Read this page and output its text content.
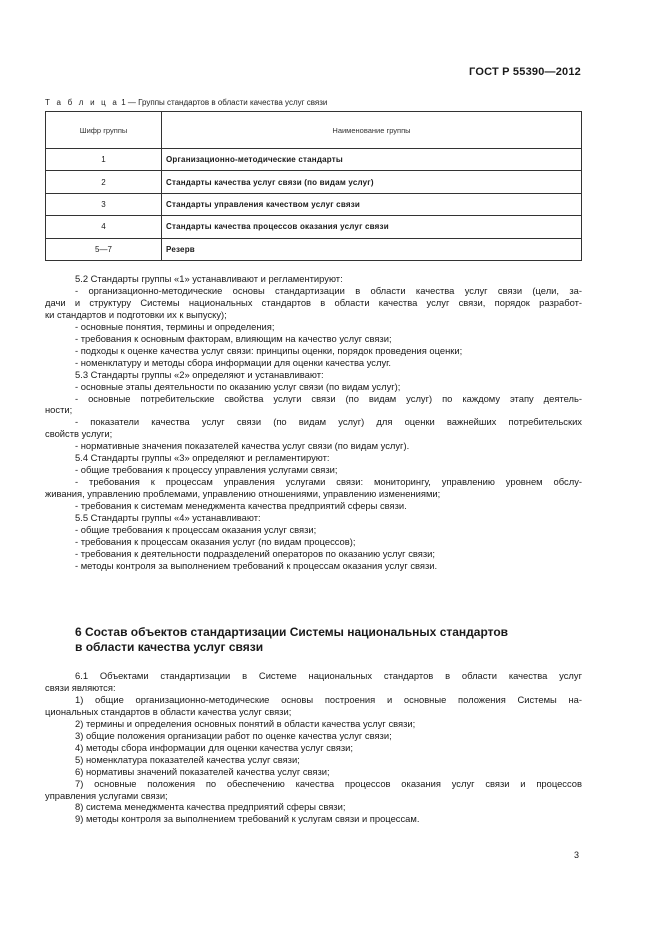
ГОСТ Р 55390—2012
Т а б л и ц а 1 — Группы стандартов в области качества услуг связи
Шифр группы	Наименование группы
1	Организационно-методические стандарты
2	Стандарты качества услуг связи (по видам услуг)
3	Стандарты управления качеством услуг связи
4	Стандарты качества процессов оказания услуг связи
5—7	Резерв
5.2 Стандарты группы «1» устанавливают и регламентируют:
- организационно-методические основы стандартизации в области качества услуг связи (цели, за-
дачи и структуру Системы национальных стандартов в области качества услуг связи, порядок разработ-
ки стандартов и подготовки их к выпуску);
- основные понятия, термины и определения;
- требования к основным факторам, влияющим на качество услуг связи;
- подходы к оценке качества услуг связи: принципы оценки, порядок проведения оценки;
- номенклатуру и методы сбора информации для оценки качества услуг.
5.3 Стандарты группы «2» определяют и устанавливают:
- основные этапы деятельности по оказанию услуг связи (по видам услуг);
- основные потребительские свойства услуги связи (по видам услуг) по каждому этапу деятель-
ности;
- показатели качества услуг связи (по видам услуг) для оценки важнейших потребительских
свойств услуги;
- нормативные значения показателей качества услуг связи (по видам услуг).
5.4 Стандарты группы «3» определяют и регламентируют:
- общие требования к процессу управления услугами связи;
- требования к процессам управления услугами связи: мониторингу, управлению уровнем обслу-
живания, управлению проблемами, управлению отношениями, управлению изменениями;
- требования к системам менеджмента качества предприятий сферы связи.
5.5 Стандарты группы «4» устанавливают:
- общие требования к процессам оказания услуг связи;
- требования к процессам оказания услуг (по видам процессов);
- требования к деятельности подразделений операторов по оказанию услуг связи;
- методы контроля за выполнением требований к процессам оказания услуг связи.
6 Состав объектов стандартизации Системы национальных стандартов
в области качества услуг связи
6.1 Объектами стандартизации в Системе национальных стандартов в области качества услуг
связи являются:
1) общие организационно-методические основы построения и основные положения Системы на-
циональных стандартов в области качества услуг связи;
2) термины и определения основных понятий в области качества услуг связи;
3) общие положения организации работ по оценке качества услуг связи;
4) методы сбора информации для оценки качества услуг связи;
5) номенклатура показателей качества услуг связи;
6) нормативы значений показателей качества услуг связи;
7) основные положения по обеспечению качества процессов оказания услуг связи и процессов
управления услугами связи;
8) система менеджмента качества предприятий сферы связи;
9) методы контроля за выполнением требований к услугам связи и процессам.
3
